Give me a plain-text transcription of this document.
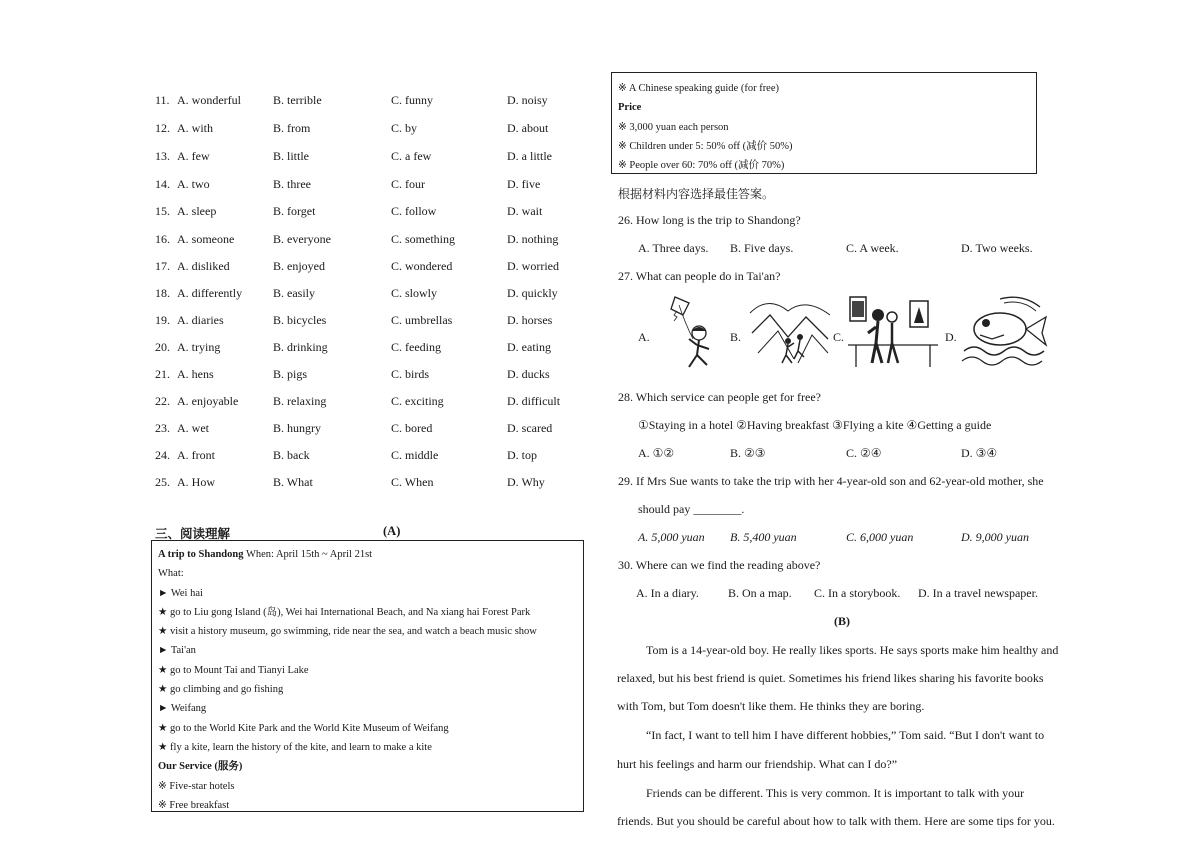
11. A. wonderful	B. terrible	C. funny	D. noisy
12. A. with	B. from	C. by	D. about
13. A. few	B. little	C. a few	D. a little
14. A. two	B. three	C. four	D. five
15. A. sleep	B. forget	C. follow	D. wait
16. A. someone	B. everyone	C. something	D. nothing
17. A. disliked	B. enjoyed	C. wondered	D. worried
18. A. differently	B. easily	C. slowly	D. quickly
19. A. diaries	B. bicycles	C. umbrellas	D. horses
20. A. trying	B. drinking	C. feeding	D. eating
21. A. hens	B. pigs	C. birds	D. ducks
22. A. enjoyable	B. relaxing	C. exciting	D. difficult
23. A. wet	B. hungry	C. bored	D. scared
24. A. front	B. back	C. middle	D. top
25. A. How	B. What	C. When	D. Why
三、阅读理解	(A)
A trip to Shandong When: April 15th ~ April 21st
What:
► Wei hai
★ go to Liu gong Island (岛), Wei hai International Beach, and Na xiang hai Forest Park
★ visit a history museum, go swimming, ride near the sea, and watch a beach music show
► Tai'an
★ go to Mount Tai and Tianyi Lake
★ go climbing and go fishing
► Weifang
★ go to the World Kite Park and the World Kite Museum of Weifang
★ fly a kite, learn the history of the kite, and learn to make a kite
Our Service (服务)
※ Five-star hotels
※ Free breakfast
※ A Chinese speaking guide (for free)
Price
※ 3,000 yuan each person
※ Children under 5: 50% off (减价 50%)
※ People over 60: 70% off (减价 70%)
根据材料内容选择最佳答案。
26. How long is the trip to Shandong?
A. Three days. B. Five days.	C. A week.	D. Two weeks.
27. What can people do in Tai'an?
A.	B.	C.	D.
28. Which service can people get for free?
①Staying in a hotel ②Having breakfast ③Flying a kite ④Getting a guide
A. ①②	B. ②③	C. ②④	D. ③④
29. If Mrs Sue wants to take the trip with her 4-year-old son and 62-year-old mother, she
should pay ________.
A. 5,000 yuan B. 5,400 yuan	C. 6,000 yuan	D. 9,000 yuan
30. Where can we find the reading above?
A. In a diary. B. On a map. C. In a storybook. D. In a travel newspaper.
(B)
Tom is a 14-year-old boy. He really likes sports. He says sports make him healthy and
relaxed, but his best friend is quiet. Sometimes his friend likes sharing his favorite books
with Tom, but Tom doesn't like them. He thinks they are boring.
“In fact, I want to tell him I have different hobbies,” Tom said. “But I don't want to
hurt his feelings and harm our friendship. What can I do?”
Friends can be different. This is very common. It is important to talk with your
friends. But you should be careful about how to talk with them. Here are some tips for you.
